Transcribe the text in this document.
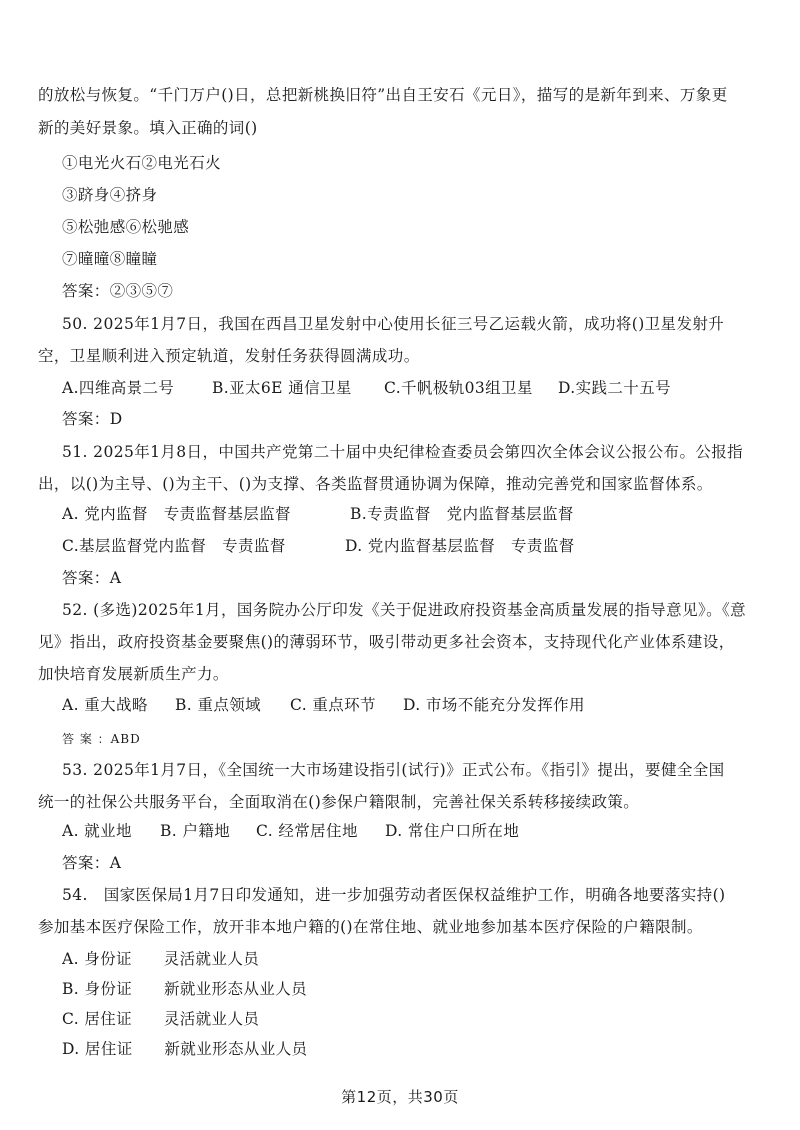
的放松与恢复。“千门万户()日，总把新桃换旧符”出自王安石《元日》，描写的是新年到来、万象更
新的美好景象。填入正确的词()
①电光火石②电光石火
③跻身④挤身
⑤松弛感⑥松驰感
⑦曈曈⑧瞳瞳
答案：②③⑤⑦
50. 2025年1月7日，我国在西昌卫星发射中心使用长征三号乙运载火箭，成功将()卫星发射升
空，卫星顺利进入预定轨道，发射任务获得圆满成功。
A.四维高景二号 B.亚太6E 通信卫星 C.千帆极轨03组卫星 D.实践二十五号
答案：D
51. 2025年1月8日，中国共产党第二十届中央纪律检查委员会第四次全体会议公报公布。公报指
出，以()为主导、()为主干、()为支撑、各类监督贯通协调为保障，推动完善党和国家监督体系。
A. 党内监督　专责监督基层监督	B.专责监督　党内监督基层监督
C.基层监督党内监督　专责监督	D. 党内监督基层监督　专责监督
答案：A
52. (多选)2025年1月，国务院办公厅印发《关于促进政府投资基金高质量发展的指导意见》。《意
见》指出，政府投资基金要聚焦()的薄弱环节，吸引带动更多社会资本，支持现代化产业体系建设，
加快培育发展新质生产力。
A. 重大战略 B. 重点领域 C. 重点环节 D. 市场不能充分发挥作用
答 案 ：ABD
53. 2025年1月7日，《全国统一大市场建设指引(试行)》正式公布。《指引》提出，要健全全国
统一的社保公共服务平台，全面取消在()参保户籍限制，完善社保关系转移接续政策。
A. 就业地 B. 户籍地 C. 经常居住地 D. 常住户口所在地
答案：A
54.　国家医保局1月7日印发通知，进一步加强劳动者医保权益维护工作，明确各地要落实持()
参加基本医疗保险工作，放开非本地户籍的()在常住地、就业地参加基本医疗保险的户籍限制。
A. 身份证　　灵活就业人员
B. 身份证　　新就业形态从业人员
C. 居住证　　灵活就业人员
D. 居住证　　新就业形态从业人员
第12页，共30页
